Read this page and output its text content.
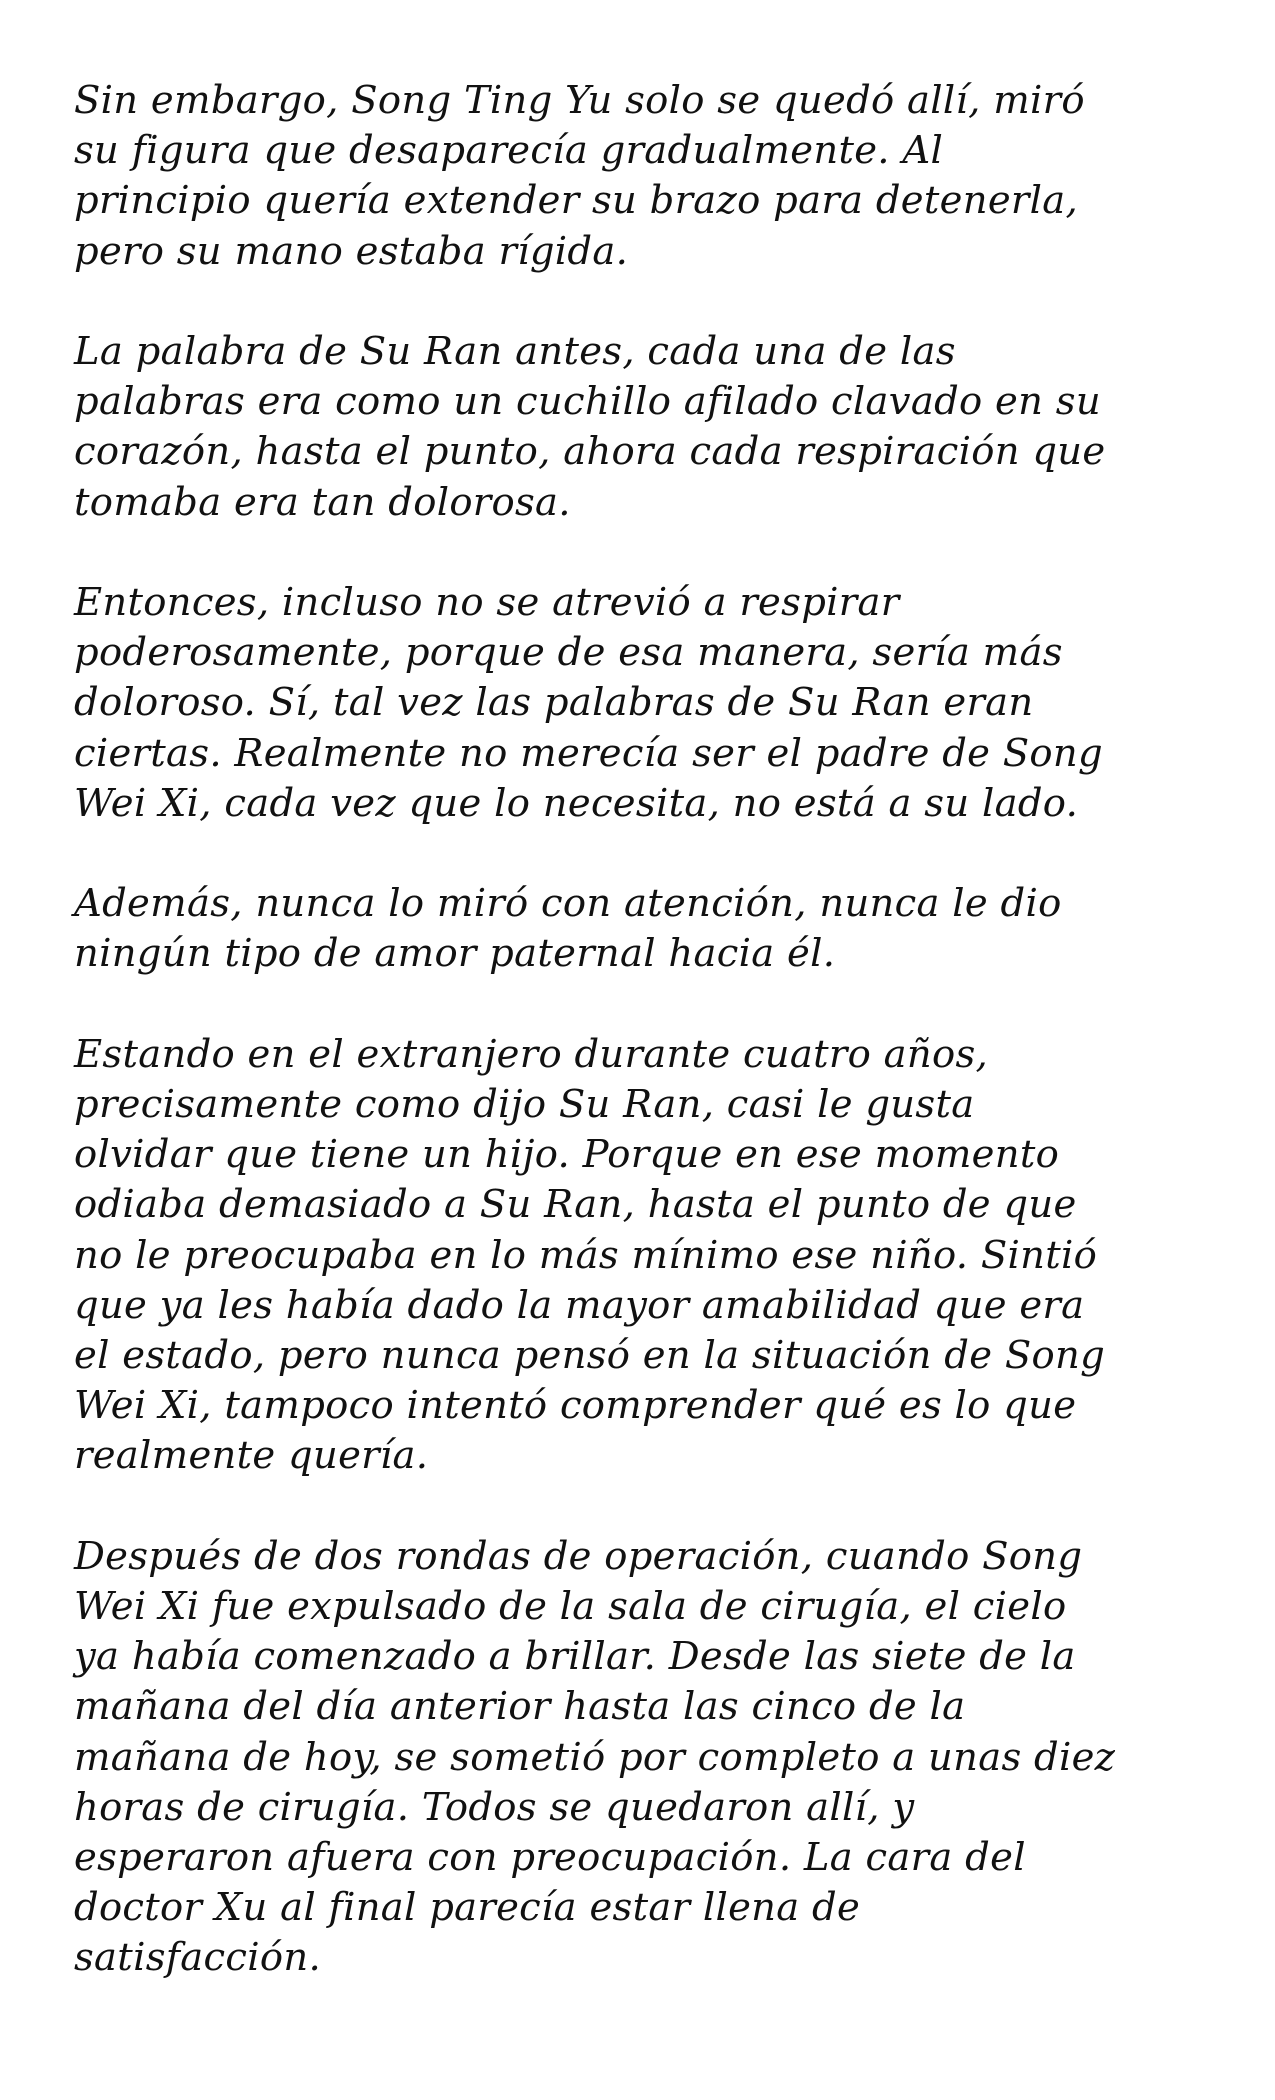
Sin embargo, Song Ting Yu solo se quedó allí, miró
su figura que desaparecía gradualmente. Al
principio quería extender su brazo para detenerla,
pero su mano estaba rígida.

La palabra de Su Ran antes, cada una de las
palabras era como un cuchillo afilado clavado en su
corazón, hasta el punto, ahora cada respiración que
tomaba era tan dolorosa.

Entonces, incluso no se atrevió a respirar
poderosamente, porque de esa manera, sería más
doloroso. Sí, tal vez las palabras de Su Ran eran
ciertas. Realmente no merecía ser el padre de Song
Wei Xi, cada vez que lo necesita, no está a su lado.

Además, nunca lo miró con atención, nunca le dio
ningún tipo de amor paternal hacia él.

Estando en el extranjero durante cuatro años,
precisamente como dijo Su Ran, casi le gusta
olvidar que tiene un hijo. Porque en ese momento
odiaba demasiado a Su Ran, hasta el punto de que
no le preocupaba en lo más mínimo ese niño. Sintió
que ya les había dado la mayor amabilidad que era
el estado, pero nunca pensó en la situación de Song
Wei Xi, tampoco intentó comprender qué es lo que
realmente quería.

Después de dos rondas de operación, cuando Song
Wei Xi fue expulsado de la sala de cirugía, el cielo
ya había comenzado a brillar. Desde las siete de la
mañana del día anterior hasta las cinco de la
mañana de hoy, se sometió por completo a unas diez
horas de cirugía. Todos se quedaron allí, y
esperaron afuera con preocupación. La cara del
doctor Xu al final parecía estar llena de
satisfacción.
